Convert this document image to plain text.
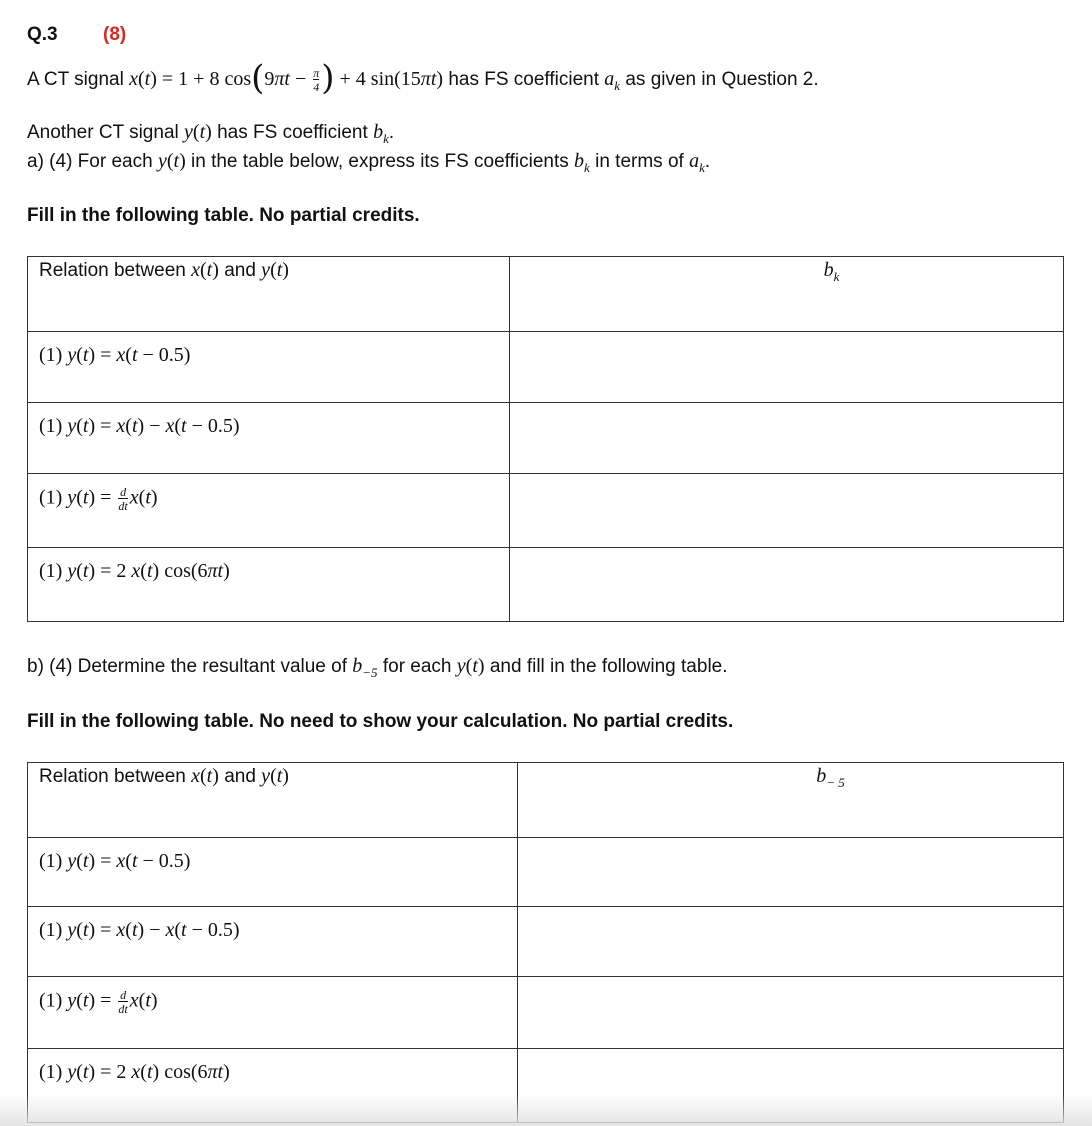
Q.3 (8)
A CT signal x(t) = 1 + 8 $\cos(9\pi t - \frac{\pi}{4}$ ) + 4 sin(15πt) has FS coefficient $a_k$ as given in Question 2.
Another CT signal y(t) has FS coefficient $b_k$.
a) (4) For each y(t) in the table below, express its FS coefficients $b_k$ in terms of $a_k$.
Fill in the following table. No partial credits.
Relation between x(t) and y(t)	$b_k$
(1) y(t) = x(t − 0.5)	
(1) y(t) = x(t) − x(t − 0.5)	
(1) $y(t) = \frac{d}{dt} x(t)$	
(1) y(t) = 2 x(t) cos(6πt)	
b) (4) Determine the resultant value of $b_{-5}$ for each y(t) and fill in the following table.
Fill in the following table. No need to show your calculation. No partial credits.
Relation between x(t) and y(t)	$b_{- 5}$
(1) y(t) = x(t − 0.5)	
(1) y(t) = x(t) − x(t − 0.5)	
(1) $y(t) = \frac{d}{dt} x(t)$	
(1) y(t) = 2 x(t) cos(6πt)	
